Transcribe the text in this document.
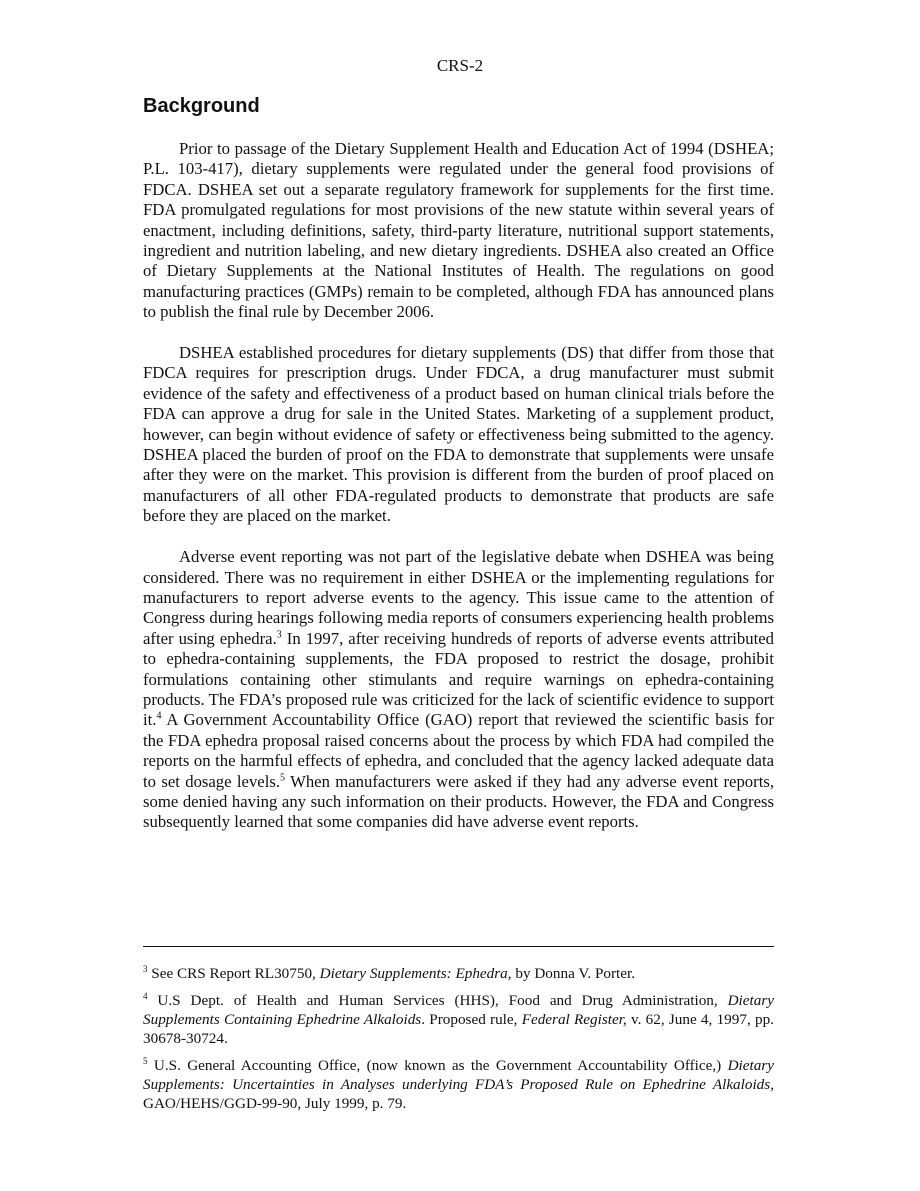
CRS-2
Background

Prior to passage of the Dietary Supplement Health and Education Act of 1994 (DSHEA; P.L. 103-417), dietary supplements were regulated under the general food provisions of FDCA. DSHEA set out a separate regulatory framework for supplements for the first time. FDA promulgated regulations for most provisions of the new statute within several years of enactment, including definitions, safety, third-party literature, nutritional support statements, ingredient and nutrition labeling, and new dietary ingredients. DSHEA also created an Office of Dietary Supplements at the National Institutes of Health. The regulations on good manufacturing practices (GMPs) remain to be completed, although FDA has announced plans to publish the final rule by December 2006.

DSHEA established procedures for dietary supplements (DS) that differ from those that FDCA requires for prescription drugs. Under FDCA, a drug manufacturer must submit evidence of the safety and effectiveness of a product based on human clinical trials before the FDA can approve a drug for sale in the United States. Marketing of a supplement product, however, can begin without evidence of safety or effectiveness being submitted to the agency. DSHEA placed the burden of proof on the FDA to demonstrate that supplements were unsafe after they were on the market. This provision is different from the burden of proof placed on manufacturers of all other FDA-regulated products to demonstrate that products are safe before they are placed on the market.

Adverse event reporting was not part of the legislative debate when DSHEA was being considered. There was no requirement in either DSHEA or the implementing regulations for manufacturers to report adverse events to the agency. This issue came to the attention of Congress during hearings following media reports of consumers experiencing health problems after using ephedra.$^3$ In 1997, after receiving hundreds of reports of adverse events attributed to ephedra-containing supplements, the FDA proposed to restrict the dosage, prohibit formulations containing other stimulants and require warnings on ephedra-containing products. The FDA’s proposed rule was criticized for the lack of scientific evidence to support it.$^4$ A Government Accountability Office (GAO) report that reviewed the scientific basis for the FDA ephedra proposal raised concerns about the process by which FDA had compiled the reports on the harmful effects of ephedra, and concluded that the agency lacked adequate data to set dosage levels.$^5$ When manufacturers were asked if they had any adverse event reports, some denied having any such information on their products. However, the FDA and Congress subsequently learned that some companies did have adverse event reports.

$^3$ See CRS Report RL30750, Dietary Supplements: Ephedra, by Donna V. Porter.

$^4$ U.S Dept. of Health and Human Services (HHS), Food and Drug Administration, Dietary Supplements Containing Ephedrine Alkaloids. Proposed rule, Federal Register, v. 62, June 4, 1997, pp. 30678-30724.

$^5$ U.S. General Accounting Office, (now known as the Government Accountability Office,) Dietary Supplements: Uncertainties in Analyses underlying FDA’s Proposed Rule on Ephedrine Alkaloids, GAO/HEHS/GGD-99-90, July 1999, p. 79.
